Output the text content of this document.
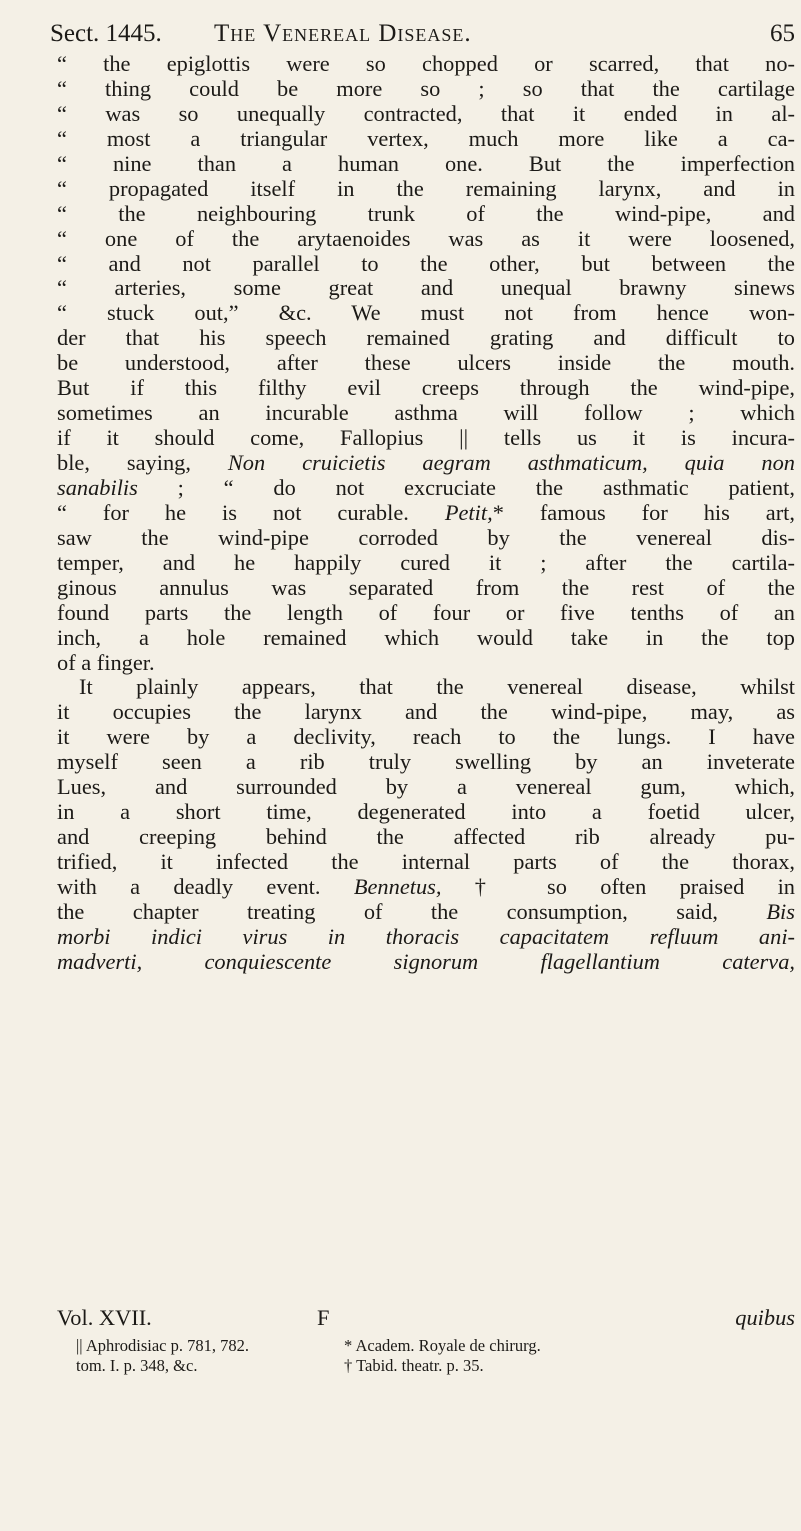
Sect. 1445. The Venereal Disease.	65
“ the epiglottis were so chopped or scarred, that no-
“ thing could be more so ; so that the cartilage
“ was so unequally contracted, that it ended in al-
“ most a triangular vertex, much more like a ca-
“ nine than a human one. But the imperfection
“ propagated itself in the remaining larynx, and in
“ the neighbouring trunk of the wind-pipe, and
“ one of the arytaenoides was as it were loosened,
“ and not parallel to the other, but between the
“ arteries, some great and unequal brawny sinews
“ stuck out,” &c. We must not from hence won-
der that his speech remained grating and difficult to
be understood, after these ulcers inside the mouth.
But if this filthy evil creeps through the wind-pipe,
sometimes an incurable asthma will follow ; which
if it should come, Fallopius || tells us it is incura-
ble, saying, Non cruicietis aegram asthmaticum, quia non
sanabilis ; “ do not excruciate the asthmatic patient,
“ for he is not curable. Petit,* famous for his art,
saw the wind-pipe corroded by the venereal dis-
temper, and he happily cured it ; after the cartila-
ginous annulus was separated from the rest of the
found parts the length of four or five tenths of an
inch, a hole remained which would take in the top
of a finger.
It plainly appears, that the venereal disease, whilst
it occupies the larynx and the wind-pipe, may, as
it were by a declivity, reach to the lungs. I have
myself seen a rib truly swelling by an inveterate
Lues, and surrounded by a venereal gum, which,
in a short time, degenerated into a foetid ulcer,
and creeping behind the affected rib already pu-
trified, it infected the internal parts of the thorax,
with a deadly event. Bennetus, † so often praised in
the chapter treating of the consumption, said, Bis
morbi indici virus in thoracis capacitatem refluum ani-
madverti, conquiescente signorum flagellantium caterva,
Vol. XVII.	F	quibus
|| Aphrodisiac p. 781, 782.	* Academ. Royale de chirurg.
tom. I. p. 348, &c.	† Tabid. theatr. p. 35.
